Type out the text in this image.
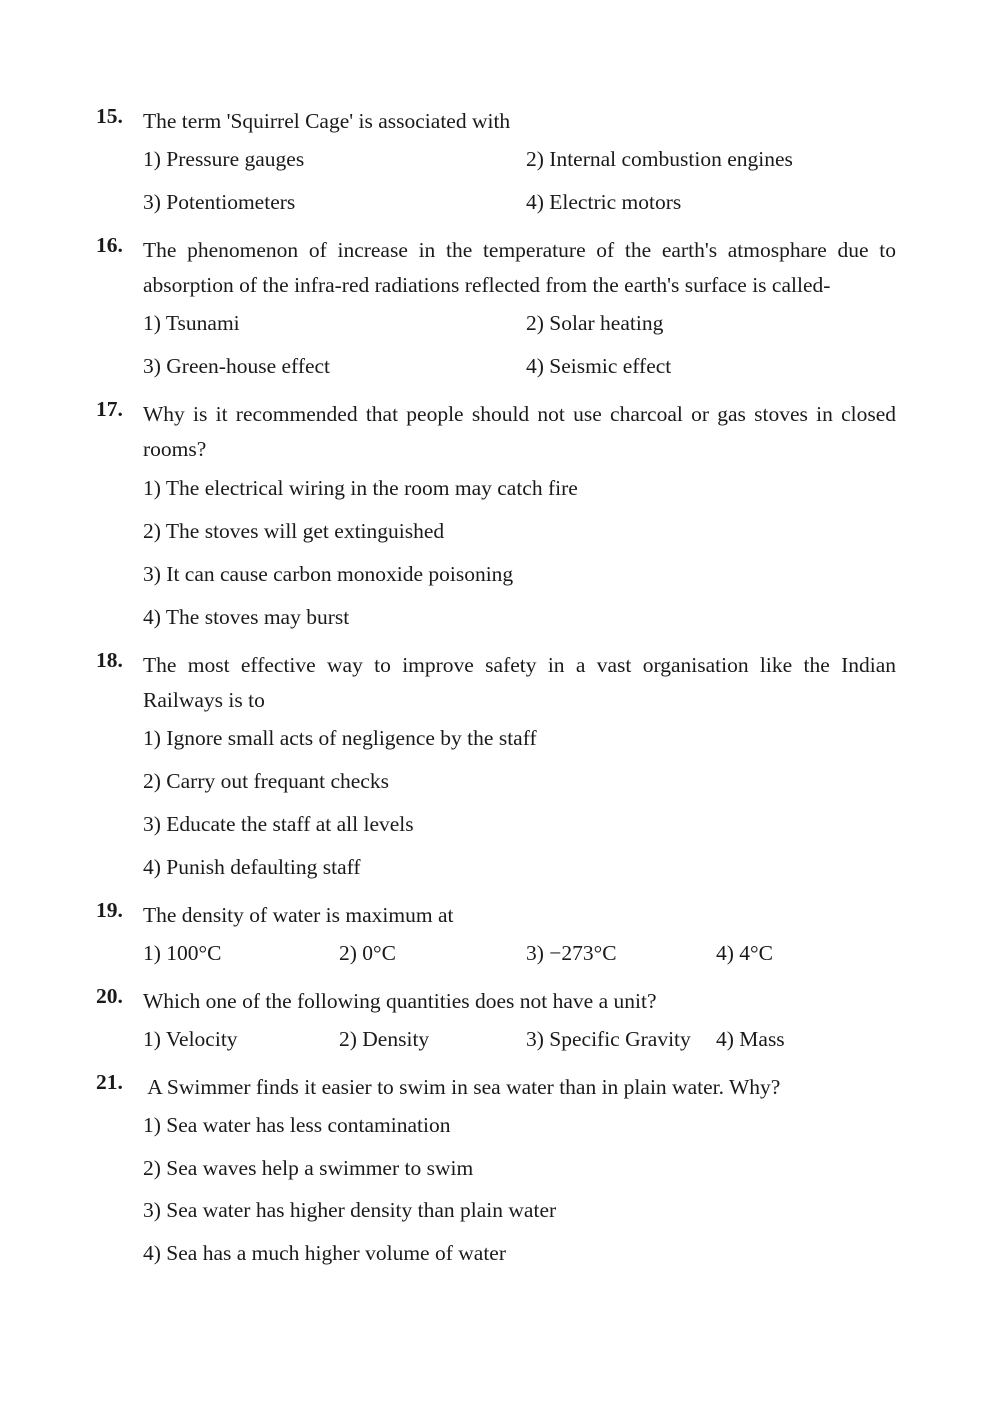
15. The term 'Squirrel Cage' is associated with
1) Pressure gauges	2) Internal combustion engines
3) Potentiometers	4) Electric motors
16. The phenomenon of increase in the temperature of the earth's atmosphare due to absorption of the infra-red radiations reflected from the earth's surface is called-
1) Tsunami	2) Solar heating
3) Green-house effect	4) Seismic effect
17. Why is it recommended that people should not use charcoal or gas stoves in closed rooms?
1) The electrical wiring in the room may catch fire
2) The stoves will get extinguished
3) It can cause carbon monoxide poisoning
4) The stoves may burst
18. The most effective way to improve safety in a vast organisation like the Indian Railways is to
1) Ignore small acts of negligence by the staff
2) Carry out frequant checks
3) Educate the staff at all levels
4) Punish defaulting staff
19. The density of water is maximum at
1) 100°C	2) 0°C	3) −273°C	4) 4°C
20. Which one of the following quantities does not have a unit?
1) Velocity	2) Density	3) Specific Gravity 4) Mass
21. A Swimmer finds it easier to swim in sea water than in plain water. Why?
1) Sea water has less contamination
2) Sea waves help a swimmer to swim
3) Sea water has higher density than plain water
4) Sea has a much higher volume of water
